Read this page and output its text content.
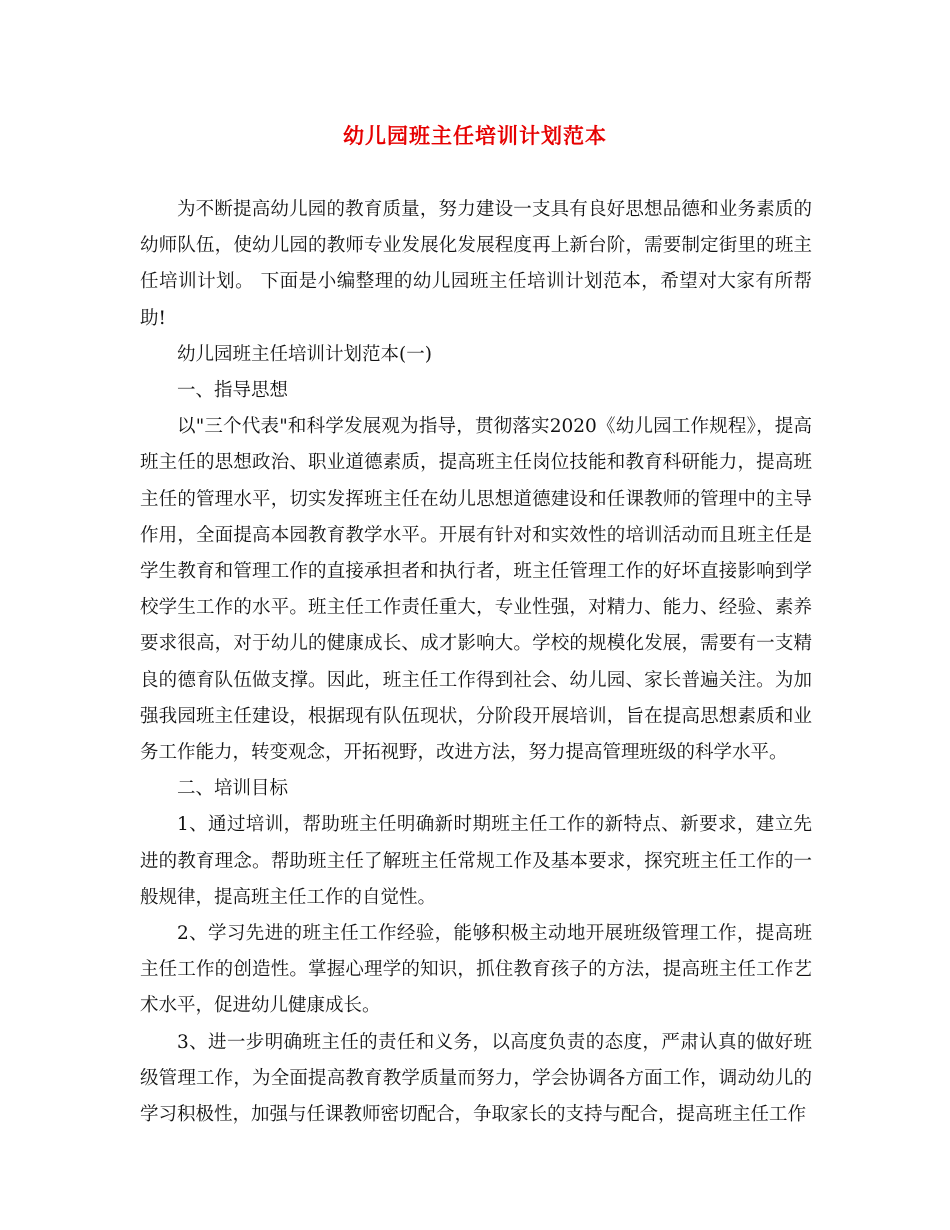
幼儿园班主任培训计划范本

为不断提高幼儿园的教育质量，努力建设一支具有良好思想品德和业务素质的幼师队伍，使幼儿园的教师专业发展化发展程度再上新台阶，需要制定街里的班主任培训计划。 下面是小编整理的幼儿园班主任培训计划范本，希望对大家有所帮助!

幼儿园班主任培训计划范本(一)

一、指导思想

以"三个代表"和科学发展观为指导，贯彻落实2020《幼儿园工作规程》，提高班主任的思想政治、职业道德素质，提高班主任岗位技能和教育科研能力，提高班主任的管理水平，切实发挥班主任在幼儿思想道德建设和任课教师的管理中的主导作用，全面提高本园教育教学水平。开展有针对和实效性的培训活动而且班主任是学生教育和管理工作的直接承担者和执行者，班主任管理工作的好坏直接影响到学校学生工作的水平。班主任工作责任重大，专业性强，对精力、能力、经验、素养要求很高，对于幼儿的健康成长、成才影响大。学校的规模化发展，需要有一支精良的德育队伍做支撑。因此，班主任工作得到社会、幼儿园、家长普遍关注。为加强我园班主任建设，根据现有队伍现状，分阶段开展培训，旨在提高思想素质和业务工作能力，转变观念，开拓视野，改进方法，努力提高管理班级的科学水平。

二、培训目标

1、通过培训，帮助班主任明确新时期班主任工作的新特点、新要求，建立先进的教育理念。帮助班主任了解班主任常规工作及基本要求，探究班主任工作的一般规律，提高班主任工作的自觉性。

2、学习先进的班主任工作经验，能够积极主动地开展班级管理工作，提高班主任工作的创造性。掌握心理学的知识，抓住教育孩子的方法，提高班主任工作艺术水平，促进幼儿健康成长。

3、进一步明确班主任的责任和义务，以高度负责的态度，严肃认真的做好班级管理工作，为全面提高教育教学质量而努力，学会协调各方面工作，调动幼儿的学习积极性，加强与任课教师密切配合，争取家长的支持与配合，提高班主任工作
